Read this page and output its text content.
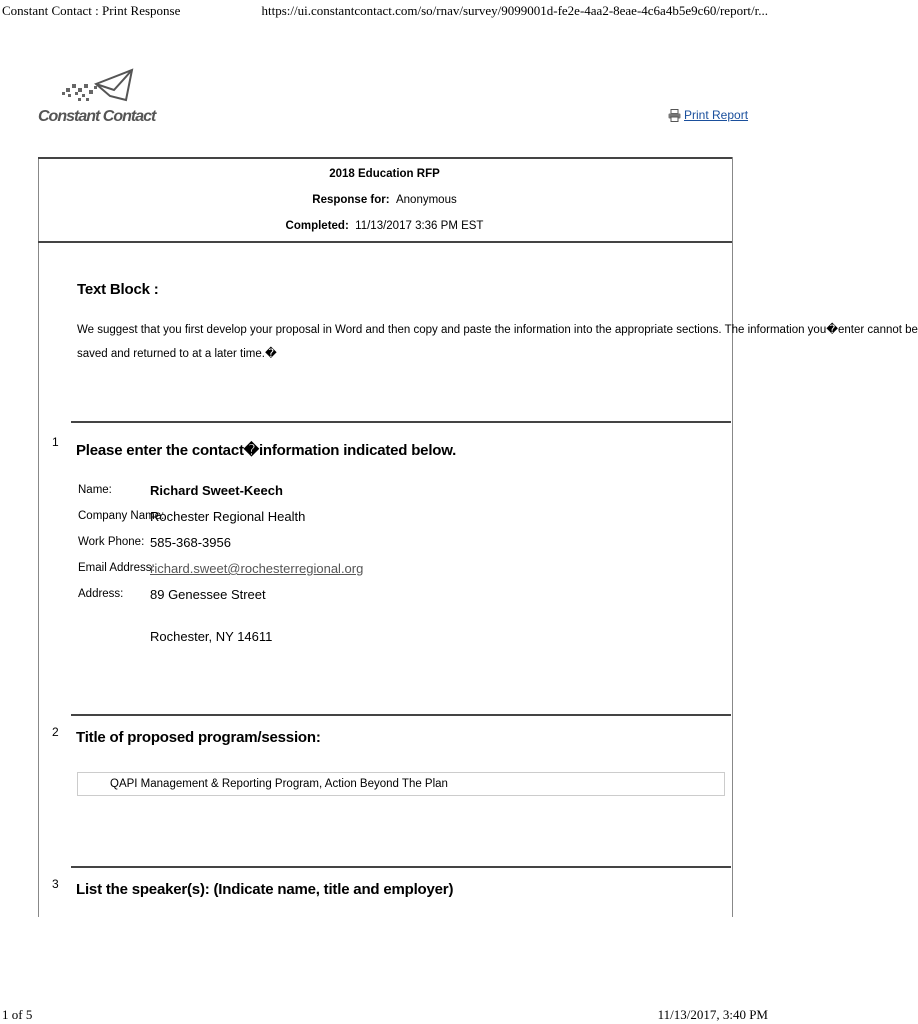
Constant Contact : Print Response	https://ui.constantcontact.com/so/rnav/survey/9099001d-fe2e-4aa2-8eae-4c6a4b5e9c60/report/r...
Constant Contact	Print Report
2018 Education RFP
Response for: Anonymous
Completed: 11/13/2017 3:36 PM EST
Text Block :
We suggest that you first develop your proposal in Word and then copy and paste the information into the appropriate sections. The information you�enter cannot be
saved and returned to at a later time.�
1 Please enter the contact�information indicated below.
Name:	Richard Sweet-Keech
Company Name:
Rochester Regional Health
Work Phone: 585-368-3956
Email Address:
richard.sweet@rochesterregional.org
Address: 89 Genessee Street
Rochester, NY 14611
2 Title of proposed program/session:
QAPI Management & Reporting Program, Action Beyond The Plan
3 List the speaker(s): (Indicate name, title and employer)
1 of 5	11/13/2017, 3:40 PM
